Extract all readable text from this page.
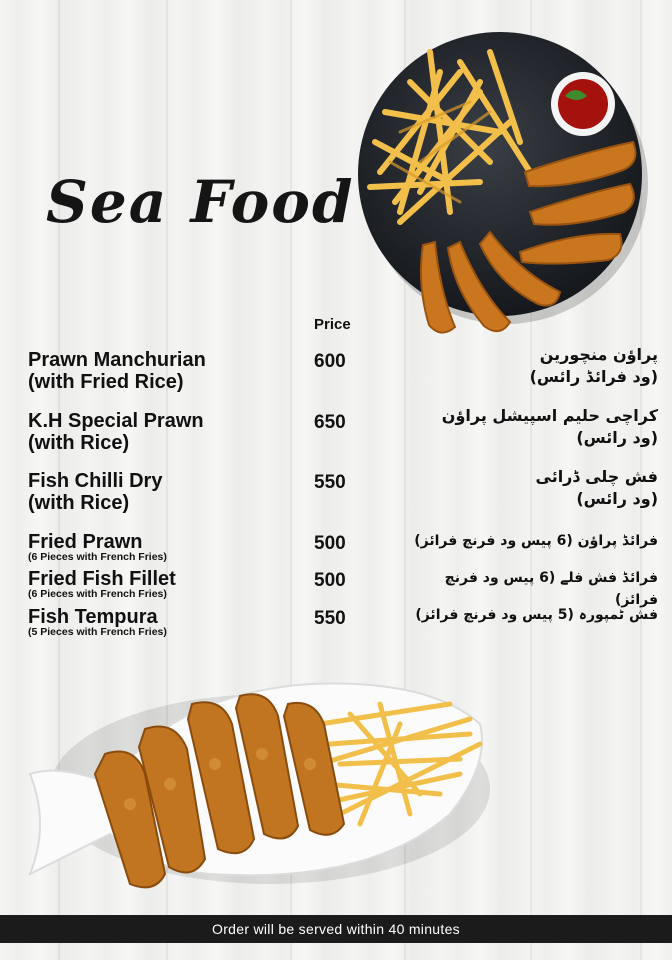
Sea Food
Price
Prawn Manchurian
(with Fried Rice)
600	پراؤن منچورین
(ود فرائڈ رائس)
K.H Special Prawn
(with Rice)
650	کراچی حلیم اسپیشل پراؤن
(ود رائس)
Fish Chilli Dry
(with Rice)
550	فش چلی ڈرائی
(ود رائس)
Fried Prawn
(6 Pieces with French Fries)
500	فرائڈ پراؤن (6 پیس ود فرنچ فرائز)
Fried Fish Fillet
(6 Pieces with French Fries)
500	فرائڈ فش فلے (6 پیس ود فرنچ فرائز)
Fish Tempura
(5 Pieces with French Fries)
550	فش ٹمپورہ (5 پیس ود فرنچ فرائز)
Order will be served within 40 minutes
